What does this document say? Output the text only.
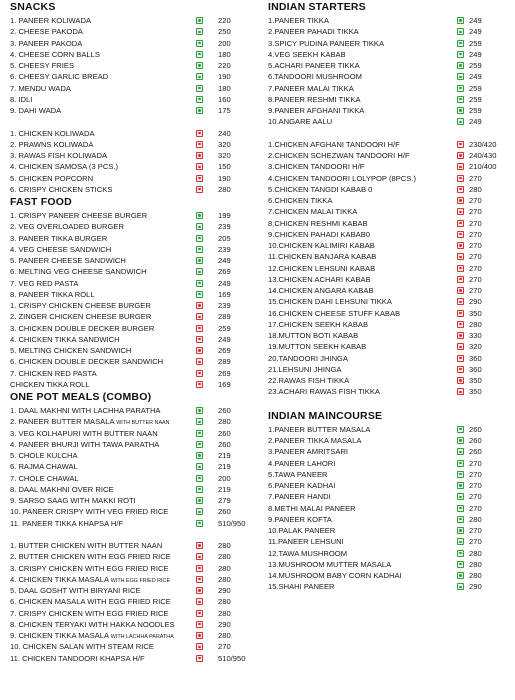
SNACKS
1. PANEER KOLIWADA	220
2. CHEESE PAKODA	250
3. PANEER PAKODA	200
4. CHEESE CORN BALLS	180
5. CHEESY FRIES	220
6. CHEESY GARLIC BREAD	190
7. MENDU WADA	180
8. IDLI	160
9. DAHI WADA	175
1. CHICKEN KOLIWADA	240
2. PRAWNS KOLIWADA	320
3. RAWAS FISH KOLIWADA	320
4. CHICKEN SAMOSA (3 PCS.)	150
5. CHICKEN POPCORN	190
6. CRISPY CHICKEN STICKS	280
FAST FOOD
1. CRISPY PANEER CHEESE BURGER	199
2. VEG OVERLOADED BURGER	239
3. PANEER TIKKA BURGER	205
4. VEG CHEESE SANDWICH	239
5. PANEER CHEESE SANDWICH	249
6. MELTING VEG CHEESE SANDWICH	269
7. VEG RED PASTA	249
8. PANEER TIKKA ROLL	169
1. CRISPY CHICKEN CHEESE BURGER	239
2. ZINGER CHICKEN CHEESE BURGER	289
3. CHICKEN DOUBLE DECKER BURGER	259
4. CHICKEN TIKKA SANDWICH	249
5. MELTING CHICKEN SANDWICH	269
6. CHICKEN DOUBLE DECKER SANDWICH	289
7. CHICKEN RED PASTA	269
CHICKEN TIKKA ROLL	169
ONE POT MEALS (COMBO)
1. DAAL MAKHNI WITH LACHHA PARATHA	260
2. PANEER BUTTER MASALA WITH BUTTER NAAN	280
3. VEG KOLHAPURI WITH BUTTER NAAN	260
4. PANEER BHURJI WITH TAWA PARATHA	260
5. CHOLE KULCHA	219
6. RAJMA CHAWAL	219
7. CHOLE CHAWAL	200
8. DAAL MAKHNI OVER RICE	219
9. SARSO SAAG WITH MAKKI ROTI	279
10. PANEER CRISPY WITH VEG FRIED RICE	260
11. PANEER TIKKA KHAPSA H/F	510/950
1. BUTTER CHICKEN WITH BUTTER NAAN	280
2. BUTTER CHICKEN WITH EGG FRIED RICE	280
3. CRISPY CHICKEN WITH EGG FRIED RICE	280
4. CHICKEN TIKKA MASALA WITH EGG FRIED RICE	280
5. DAAL GOSHT WITH BIRYANI RICE	290
6. CHICKEN MASALA WITH EGG FRIED RICE	280
7. CRISPY CHICKEN WITH EGG FRIED RICE	280
8. CHICKEN TERYAKI WITH HAKKA NOODLES	290
9. CHICKEN TIKKA MASALA WITH LACHHA PARATHA	280
10. CHICKEN SALAN WITH STEAM RICE	270
11. CHICKEN TANDOORI KHAPSA H/F	510/950
INDIAN STARTERS
1.PANEER TIKKA	249
2.PANEER PAHADI TIKKA	249
3.SPICY PUDINA PANEER TIKKA	259
4.VEG SEEKH KABAB	249
5.ACHARI PANEER TIKKA	259
6.TANDOORI MUSHROOM	249
7.PANEER MALAI TIKKA	259
8.PANEER RESHMI TIKKA	259
9.PANEER AFGHANI TIKKA	259
10.ANGARE AALU	249
1.CHICKEN AFGHANI TANDOORI H/F	230/420
2.CHICKEN SCHEZWAN TANDOORI H/F	240/430
3.CHICKEN TANDOORI H/F	210/400
4.CHICKEN TANDOORI LOLYPOP (8PCS.)	270
5.CHICKEN TANGDI KABAB 0	280
6.CHICKEN TIKKA	270
7.CHICKEN MALAI TIKKA	270
8.CHICKEN RESHMI KABAB	270
9.CHICKEN PAHADI KABAB0	270
10.CHICKEN KALIMIRI KABAB	270
11.CHICKEN BANJARA KABAB	270
12.CHICKEN LEHSUNI KABAB	270
13.CHICKEN ACHARI KABAB	270
14.CHICKEN ANGARA KABAB	270
15.CHICKEN DAHI LEHSUNI TIKKA	290
16.CHICKEN CHEESE STUFF KABAB	350
17.CHICKEN SEEKH KABAB	280
18.MUTTON BOTI KABAB	330
19.MUTTON SEEKH KABAB	320
20.TANDOORI JHINGA	360
21.LEHSUNI JHINGA	360
22.RAWAS FISH TIKKA	350
23.ACHARI RAWAS FISH TIKKA	350
INDIAN MAINCOURSE
1.PANEER BUTTER MASALA	260
2.PANEER TIKKA MASALA	260
3.PANEER AMRITSARI	260
4.PANEER LAHORI	270
5.TAWA PANEER	270
6.PANEER KADHAI	270
7.PANEER HANDI	270
8.METHI MALAI PANEER	270
9.PANEER KOFTA	280
10.PALAK PANEER	270
11.PANEER LEHSUNI	270
12.TAWA MUSHROOM	280
13.MUSHROOM MUTTER MASALA	280
14.MUSHROOM BABY CORN KADHAI	280
15.SHAHI PANEER	290
